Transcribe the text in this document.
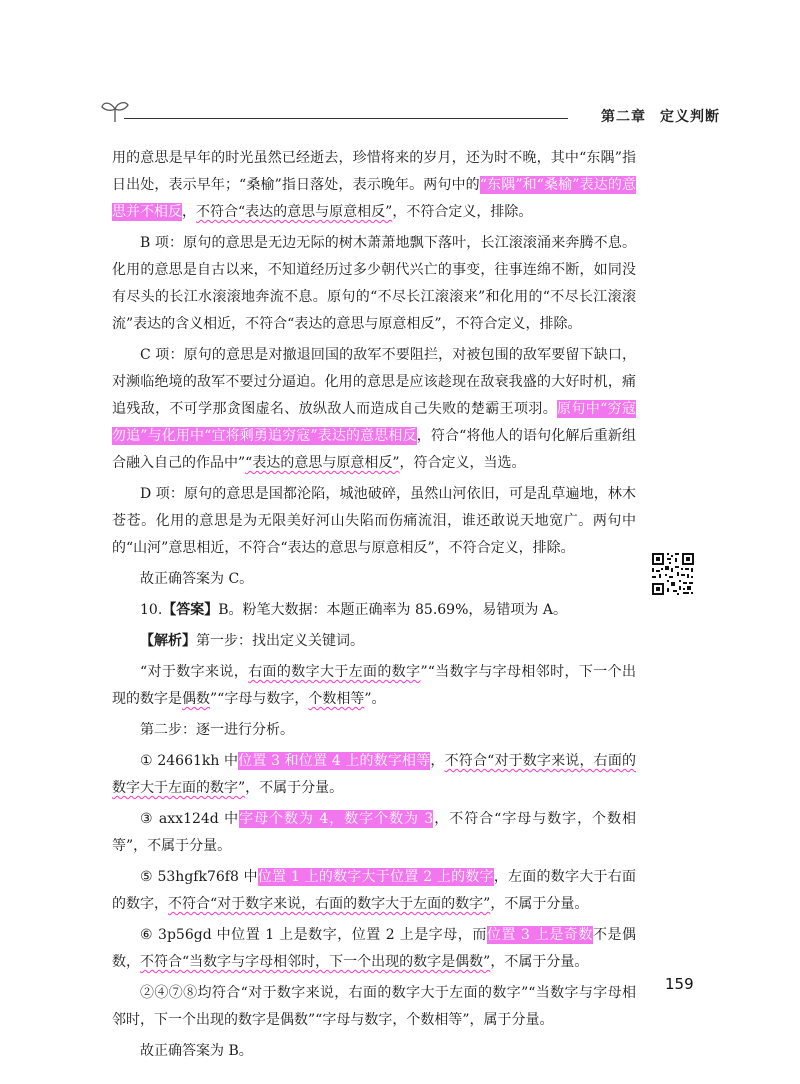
第二章 定义判断

用的意思是早年的时光虽然已经逝去，珍惜将来的岁月，还为时不晚，其中“东隅”指日出处，表示早年；“桑榆”指日落处，表示晚年。两句中的“东隅”和“桑榆”表达的意思并不相反，不符合“表达的意思与原意相反”，不符合定义，排除。

B 项：原句的意思是无边无际的树木萧萧地飘下落叶，长江滚滚涌来奔腾不息。化用的意思是自古以来，不知道经历过多少朝代兴亡的事变，往事连绵不断，如同没有尽头的长江水滚滚地奔流不息。原句的“不尽长江滚滚来”和化用的“不尽长江滚滚流”表达的含义相近，不符合“表达的意思与原意相反”，不符合定义，排除。

C 项：原句的意思是对撤退回国的敌军不要阻拦，对被包围的敌军要留下缺口，对濒临绝境的敌军不要过分逼迫。化用的意思是应该趁现在敌衰我盛的大好时机，痛追残敌，不可学那贪图虚名、放纵敌人而造成自己失败的楚霸王项羽。原句中“穷寇勿追”与化用中“宜将剩勇追穷寇”表达的意思相反，符合“将他人的语句化解后重新组合融入自己的作品中”“表达的意思与原意相反”，符合定义，当选。

D 项：原句的意思是国都沦陷，城池破碎，虽然山河依旧，可是乱草遍地，林木苍苍。化用的意思是为无限美好河山失陷而伤痛流泪，谁还敢说天地宽广。两句中的“山河”意思相近，不符合“表达的意思与原意相反”，不符合定义，排除。

故正确答案为 C。

10.【答案】B。粉笔大数据：本题正确率为 85.69%，易错项为 A。

【解析】第一步：找出定义关键词。

“对于数字来说，右面的数字大于左面的数字”“当数字与字母相邻时，下一个出现的数字是偶数”“字母与数字，个数相等”。

第二步：逐一进行分析。

① 24661kh 中位置 3 和位置 4 上的数字相等，不符合“对于数字来说，右面的数字大于左面的数字”，不属于分量。

③ axx124d 中字母个数为 4，数字个数为 3，不符合“字母与数字，个数相等”，不属于分量。

⑤ 53hgfk76f8 中位置 1 上的数字大于位置 2 上的数字，左面的数字大于右面的数字，不符合“对于数字来说，右面的数字大于左面的数字”，不属于分量。

⑥ 3p56gd 中位置 1 上是数字，位置 2 上是字母，而位置 3 上是奇数不是偶数，不符合“当数字与字母相邻时，下一个出现的数字是偶数”，不属于分量。

②④⑦⑧均符合“对于数字来说，右面的数字大于左面的数字”“当数字与字母相邻时，下一个出现的数字是偶数”“字母与数字，个数相等”，属于分量。

故正确答案为 B。

159
